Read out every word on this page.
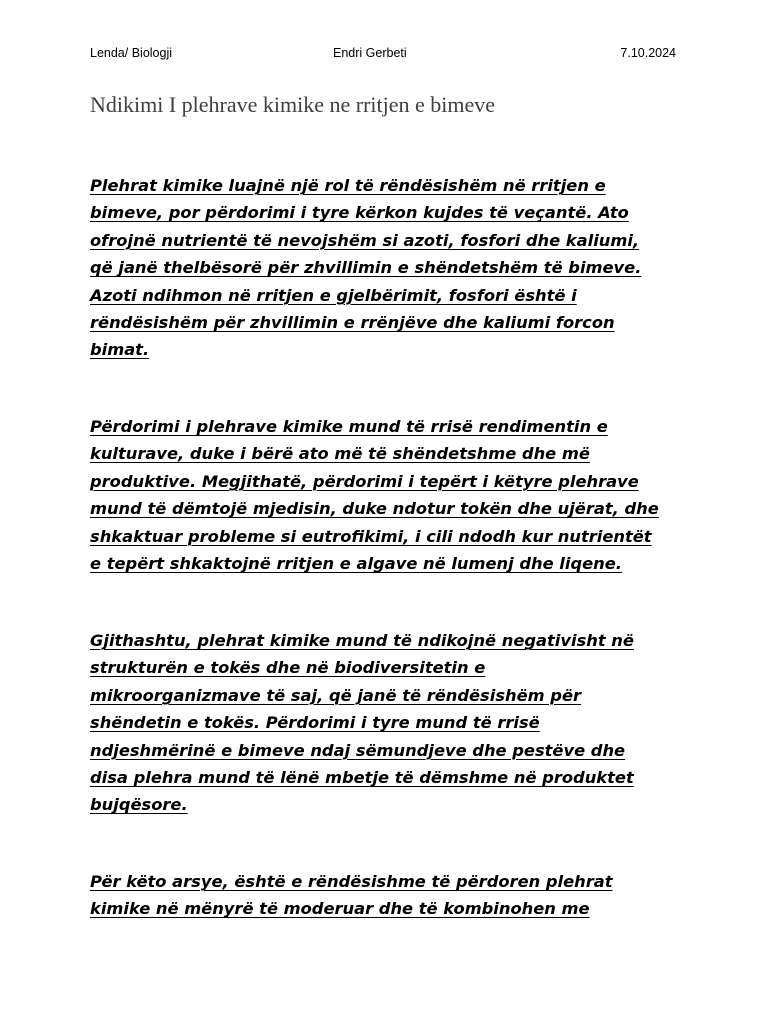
Lenda/ Biologji	Endri Gerbeti	7.10.2024
Ndikimi I plehrave kimike ne rritjen e bimeve

Plehrat kimike luajnë një rol të rëndësishëm në rritjen e
bimeve, por përdorimi i tyre kërkon kujdes të veçantë. Ato
ofrojnë nutrientë të nevojshëm si azoti, fosfori dhe kaliumi,
që janë thelbësorë për zhvillimin e shëndetshëm të bimeve.
Azoti ndihmon në rritjen e gjelbërimit, fosfori është i
rëndësishëm për zhvillimin e rrënjëve dhe kaliumi forcon
bimat.

Përdorimi i plehrave kimike mund të rrisë rendimentin e
kulturave, duke i bërë ato më të shëndetshme dhe më
produktive. Megjithatë, përdorimi i tepërt i këtyre plehrave
mund të dëmtojë mjedisin, duke ndotur tokën dhe ujërat, dhe
shkaktuar probleme si eutrofikimi, i cili ndodh kur nutrientët
e tepërt shkaktojnë rritjen e algave në lumenj dhe liqene.

Gjithashtu, plehrat kimike mund të ndikojnë negativisht në
strukturën e tokës dhe në biodiversitetin e
mikroorganizmave të saj, që janë të rëndësishëm për
shëndetin e tokës. Përdorimi i tyre mund të rrisë
ndjeshmërinë e bimeve ndaj sëmundjeve dhe pestëve dhe
disa plehra mund të lënë mbetje të dëmshme në produktet
bujqësore.

Për këto arsye, është e rëndësishme të përdoren plehrat
kimike në mënyrë të moderuar dhe të kombinohen me
